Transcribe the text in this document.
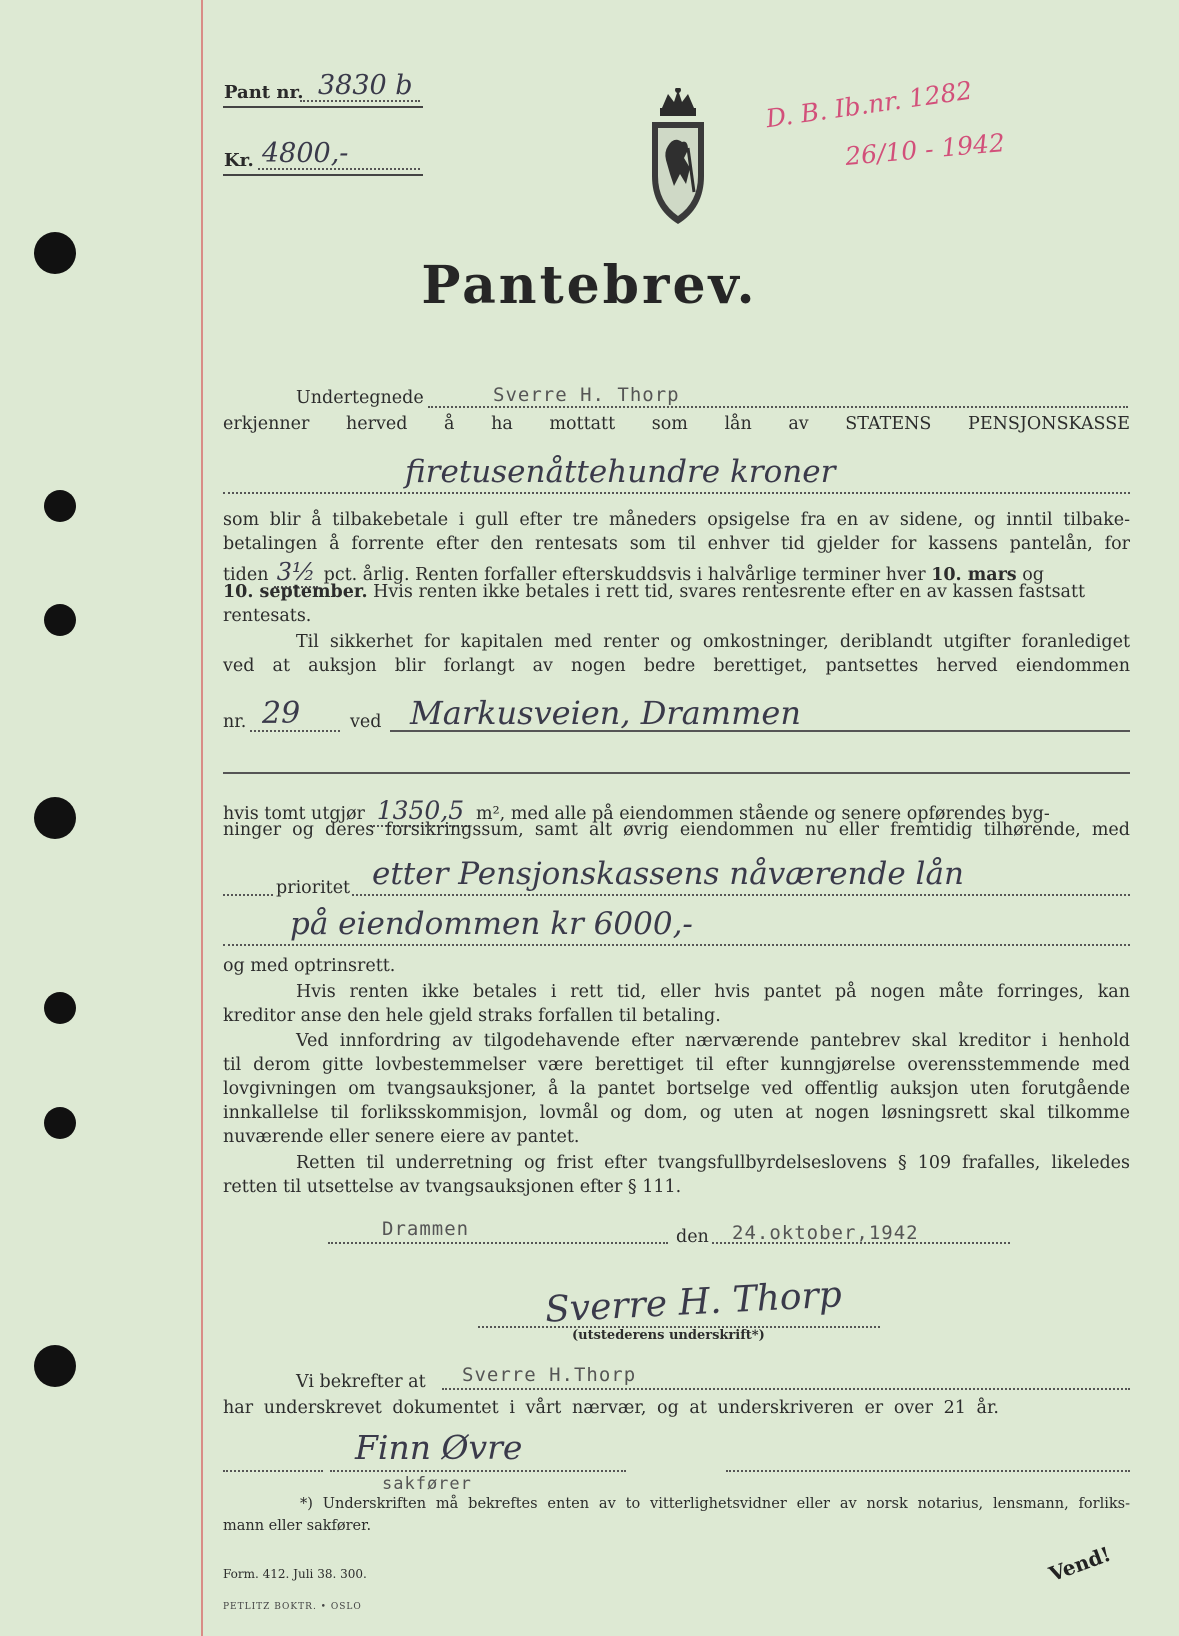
Pant nr. 3830 b
Kr. 4800,-
D. B. Ib.nr. 1282
26/10 - 1942
Pantebrev.
Undertegnede	Sverre H. Thorp
erkjenner herved å ha mottatt som lån av STATENS PENSJONSKASSE
firetusenåttehundre kroner
som blir å tilbakebetale i gull efter tre måneders opsigelse fra en av sidene, og inntil tilbake-
betalingen å forrente efter den rentesats som til enhver tid gjelder for kassens pantelån, for
tiden 3½ pct. årlig. Renten forfaller efterskuddsvis i halvårlige terminer hver 10. mars og
10. september. Hvis renten ikke betales i rett tid, svares rentesrente efter en av kassen fastsatt
rentesats.
Til sikkerhet for kapitalen med renter og omkostninger, deriblandt utgifter foranlediget
ved at auksjon blir forlangt av nogen bedre berettiget, pantsettes herved eiendommen
nr. 29	ved Markusveien, Drammen
hvis tomt utgjør 1350,5 m², med alle på eiendommen stående og senere opførendes byg-
ninger og deres forsikringssum, samt alt øvrig eiendommen nu eller fremtidig tilhørende, med
prioritet etter Pensjonskassens nåværende lån
på eiendommen kr 6000,-
og med optrinsrett.
Hvis renten ikke betales i rett tid, eller hvis pantet på nogen måte forringes, kan
kreditor anse den hele gjeld straks forfallen til betaling.
Ved innfordring av tilgodehavende efter nærværende pantebrev skal kreditor i henhold
til derom gitte lovbestemmelser være berettiget til efter kunngjørelse overensstemmende med
lovgivningen om tvangsauksjoner, å la pantet bortselge ved offentlig auksjon uten forutgående
innkallelse til forliksskommisjon, lovmål og dom, og uten at nogen løsningsrett skal tilkomme
nuværende eller senere eiere av pantet.
Retten til underretning og frist efter tvangsfullbyrdelseslovens § 109 frafalles, likeledes
retten til utsettelse av tvangsauksjonen efter § 111.
Drammen	den 24.oktober,1942
Sverre H. Thorp
(utstederens underskrift*)
Vi bekrefter at Sverre H.Thorp
har underskrevet dokumentet i vårt nærvær, og at underskriveren er over 21 år.
Finn Øvre
sakfører
*) Underskriften må bekreftes enten av to vitterlighetsvidner eller av norsk notarius, lensmann, forliks-
mann eller sakfører.
Form. 412. Juli 38. 300.
PETLITZ BOKTR. • OSLO
Vend!
